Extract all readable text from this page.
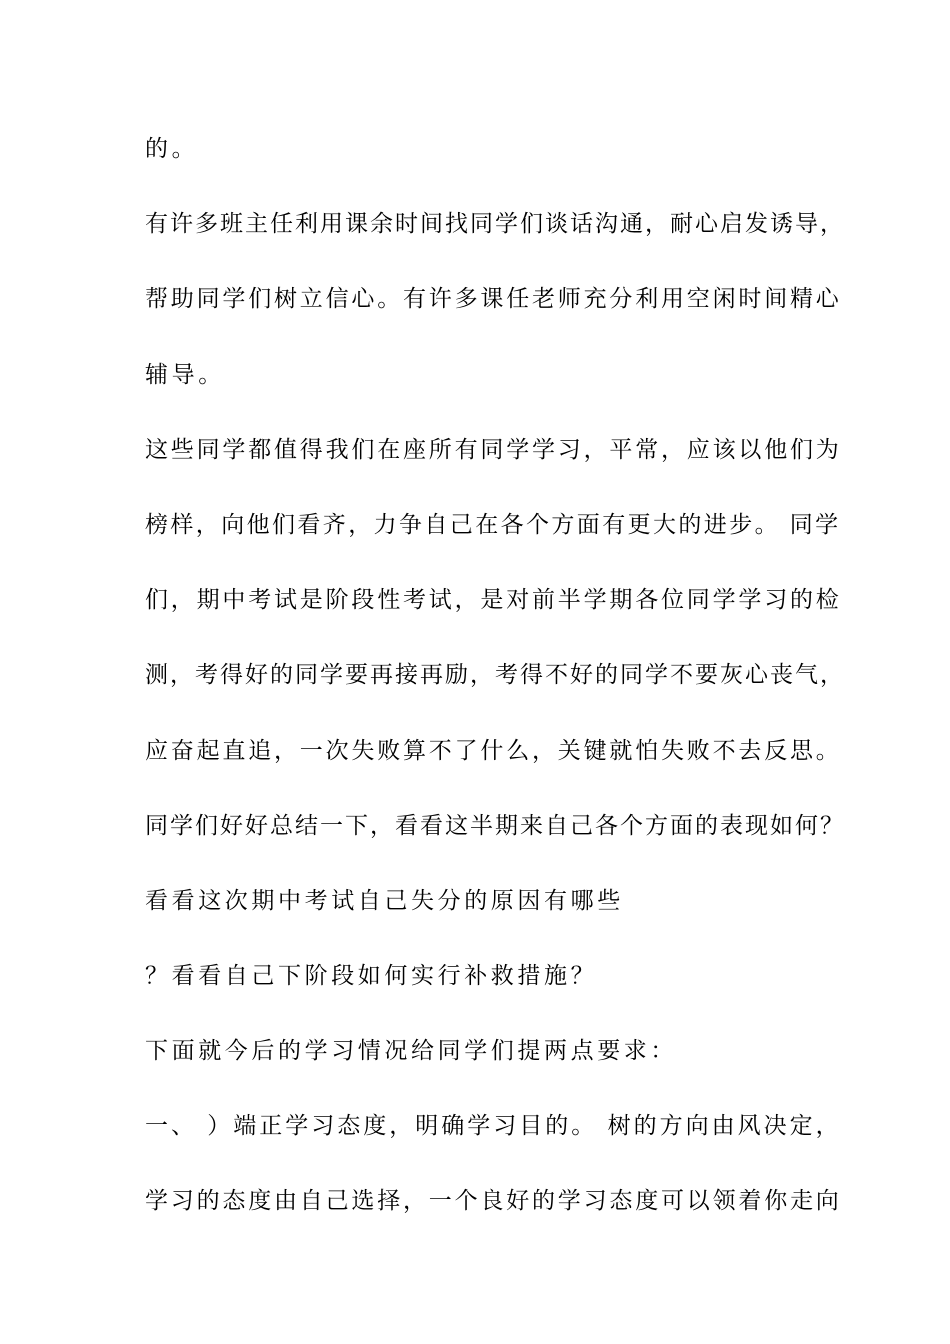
的。
有许多班主任利用课余时间找同学们谈话沟通，耐心启发诱导，
帮助同学们树立信心。有许多课任老师充分利用空闲时间精心
辅导。
这些同学都值得我们在座所有同学学习，平常，应该以他们为
榜样，向他们看齐，力争自己在各个方面有更大的进步。 同学
们，期中考试是阶段性考试，是对前半学期各位同学学习的检
测，考得好的同学要再接再励，考得不好的同学不要灰心丧气，
应奋起直追，一次失败算不了什么，关键就怕失败不去反思。
同学们好好总结一下，看看这半期来自己各个方面的表现如何？
看看这次期中考试自己失分的原因有哪些
？看看自己下阶段如何实行补救措施？
下面就今后的学习情况给同学们提两点要求：
一、 ）端正学习态度，明确学习目的。 树的方向由风决定，
学习的态度由自己选择，一个良好的学习态度可以领着你走向
